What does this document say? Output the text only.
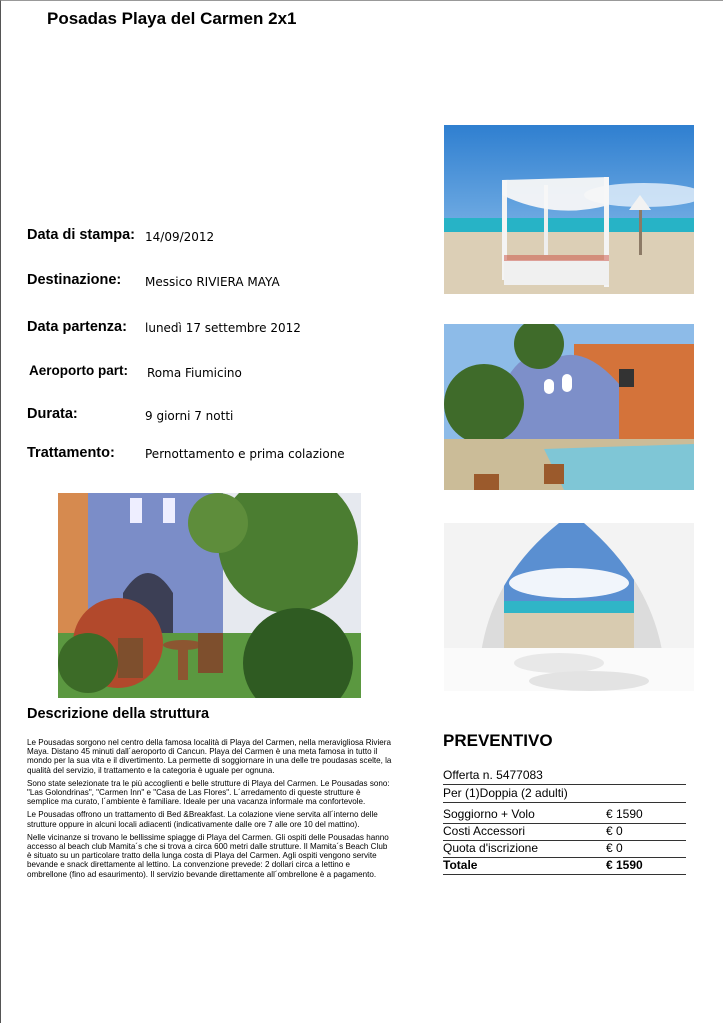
Posadas Playa del Carmen 2x1
Data di stampa: 14/09/2012
Destinazione: Messico RIVIERA MAYA
Data partenza: lunedì 17 settembre 2012
Aeroporto part: Roma Fiumicino
Durata:	9 giorni 7 notti
Trattamento:	Pernottamento e prima colazione
Descrizione della struttura

Le Pousadas sorgono nel centro della famosa località di Playa del Carmen, nella meravigliosa Riviera Maya. Distano 45 minuti dall´aeroporto di Cancun. Playa del Carmen è una meta famosa in tutto il mondo per la sua vita e il divertimento. La permette di soggiornare in una delle tre poudasas scelte, la qualità del servizio, il trattamento e la categoria è uguale per ognuna.

Sono state selezionate tra le più accoglienti e belle strutture di Playa del Carmen. Le Pousadas sono: "Las Golondrinas", "Carmen Inn" e "Casa de Las Flores". L´arredamento di queste strutture è semplice ma curato, l´ambiente è familiare. Ideale per una vacanza informale ma confortevole.

Le Pousadas offrono un trattamento di Bed &Breakfast. La colazione viene servita all´interno delle strutture oppure in alcuni locali adiacenti (indicativamente dalle ore 7 alle ore 10 del mattino).

Nelle vicinanze si trovano le bellissime spiagge di Playa del Carmen. Gli ospiti delle Pousadas hanno accesso al beach club Mamita´s che si trova a circa 600 metri dalle strutture. Il Mamita´s Beach Club è situato su un particolare tratto della lunga costa di Playa del Carmen. Agli ospiti vengono servite bevande e snack direttamente al lettino. La convenzione prevede: 2 dollari circa a lettino e ombrellone (fino ad esaurimento). Il servizio bevande direttamente all´ombrellone è a pagamento.

PREVENTIVO
Offerta n. 5477083
Per (1)Doppia (2 adulti)
Soggiorno + Volo	€ 1590
Costi Accessori	€ 0
Quota d'iscrizione	€ 0
Totale	€ 1590
